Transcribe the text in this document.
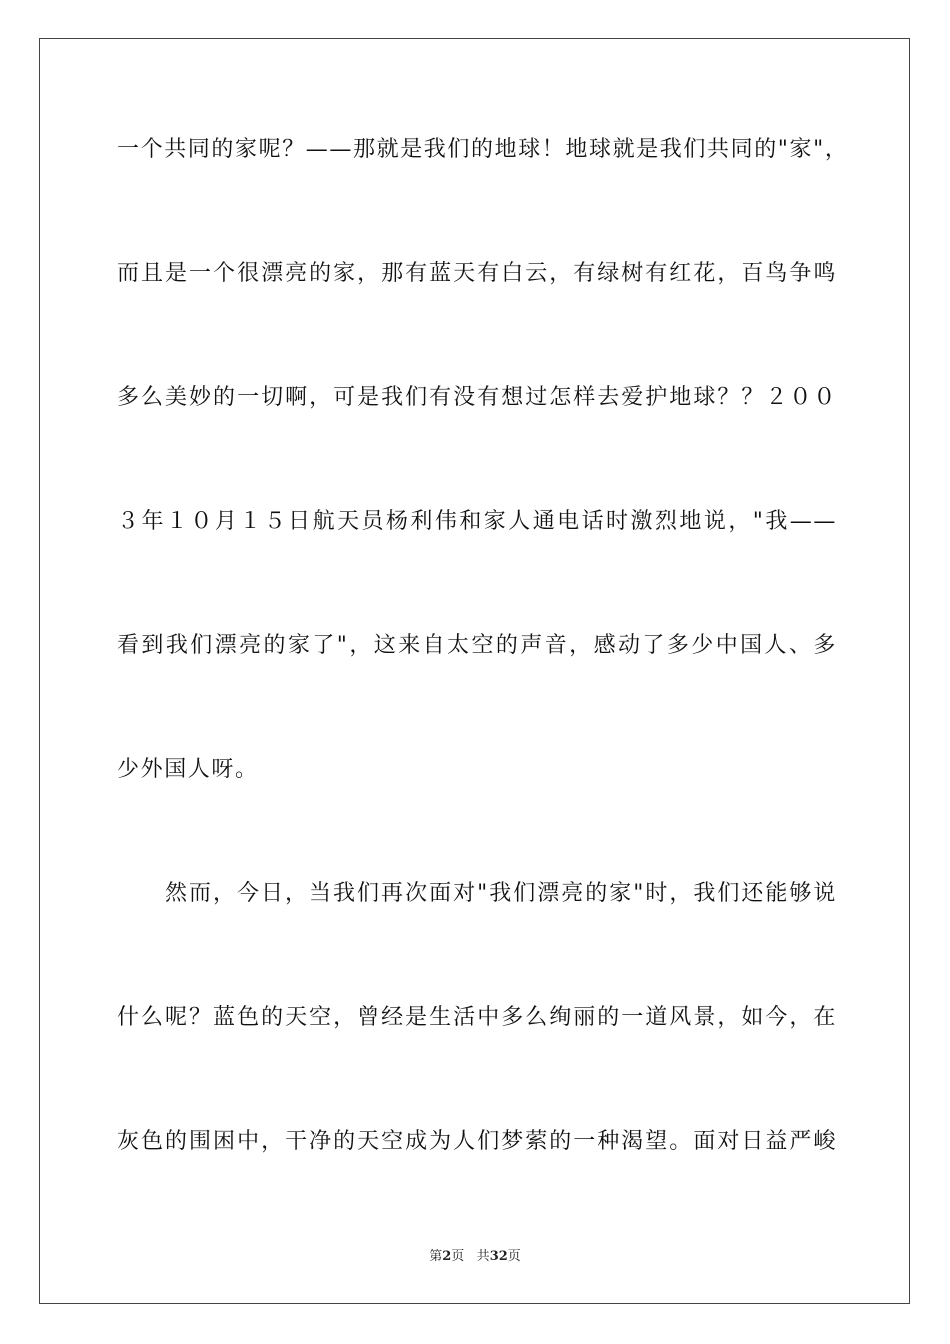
一个共同的家呢？——那就是我们的地球！地球就是我们共同的"家"，
而且是一个很漂亮的家，那有蓝天有白云，有绿树有红花，百鸟争鸣
多么美妙的一切啊，可是我们有没有想过怎样去爱护地球？？２００
３年１０月１５日航天员杨利伟和家人通电话时激烈地说，"我——
看到我们漂亮的家了"，这来自太空的声音，感动了多少中国人、多
少外国人呀。
　　然而，今日，当我们再次面对"我们漂亮的家"时，我们还能够说
什么呢？蓝色的天空，曾经是生活中多么绚丽的一道风景，如今，在
灰色的围困中，干净的天空成为人们梦萦的一种渴望。面对日益严峻
第2页 共32页
